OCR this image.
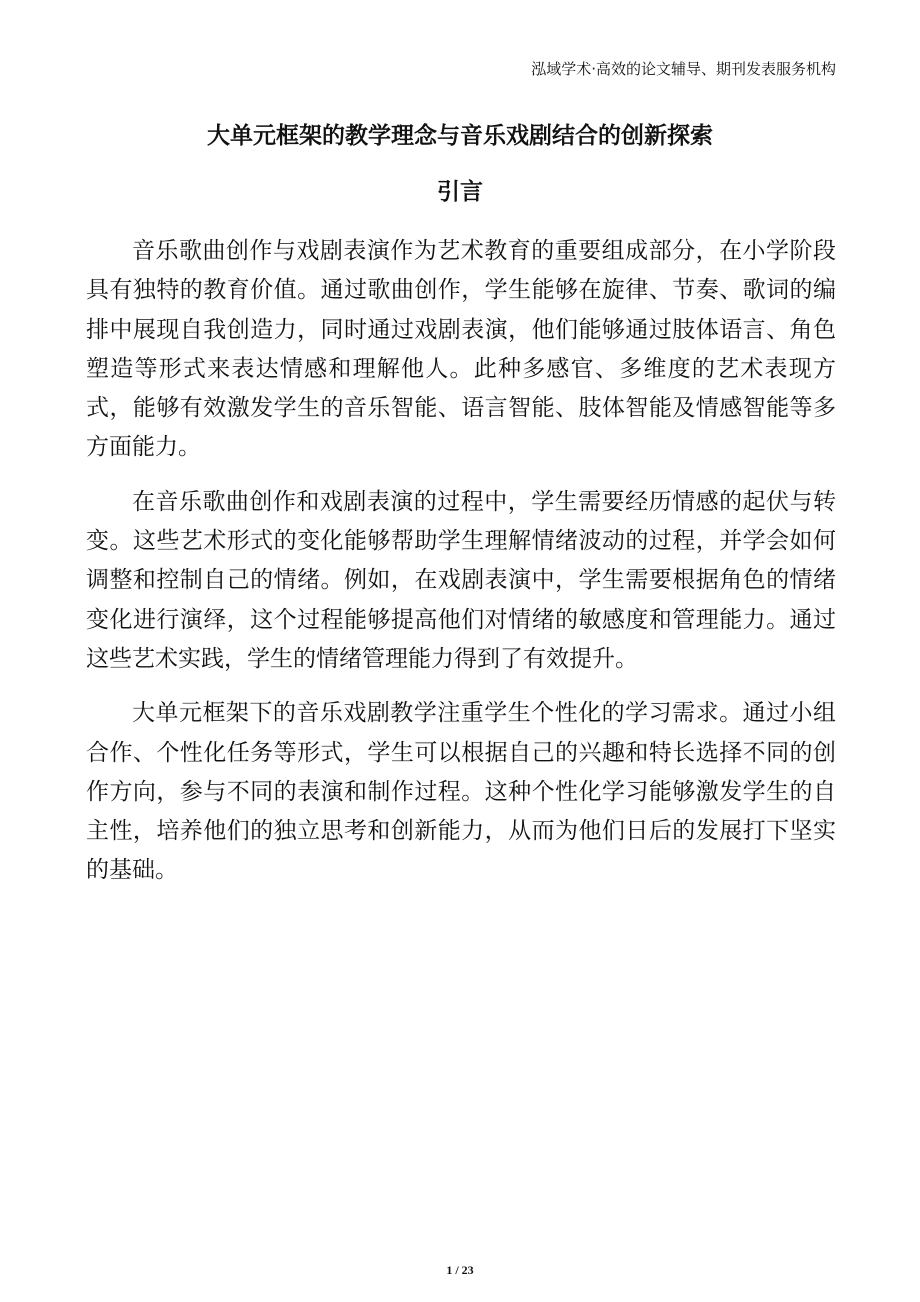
泓域学术·高效的论文辅导、期刊发表服务机构
大单元框架的教学理念与音乐戏剧结合的创新探索
引言

音乐歌曲创作与戏剧表演作为艺术教育的重要组成部分，在小学阶段具有独特的教育价值。通过歌曲创作，学生能够在旋律、节奏、歌词的编排中展现自我创造力，同时通过戏剧表演，他们能够通过肢体语言、角色塑造等形式来表达情感和理解他人。此种多感官、多维度的艺术表现方式，能够有效激发学生的音乐智能、语言智能、肢体智能及情感智能等多方面能力。

在音乐歌曲创作和戏剧表演的过程中，学生需要经历情感的起伏与转变。这些艺术形式的变化能够帮助学生理解情绪波动的过程，并学会如何调整和控制自己的情绪。例如，在戏剧表演中，学生需要根据角色的情绪变化进行演绎，这个过程能够提高他们对情绪的敏感度和管理能力。通过这些艺术实践，学生的情绪管理能力得到了有效提升。

大单元框架下的音乐戏剧教学注重学生个性化的学习需求。通过小组合作、个性化任务等形式，学生可以根据自己的兴趣和特长选择不同的创作方向，参与不同的表演和制作过程。这种个性化学习能够激发学生的自主性，培养他们的独立思考和创新能力，从而为他们日后的发展打下坚实的基础。

1 / 23
